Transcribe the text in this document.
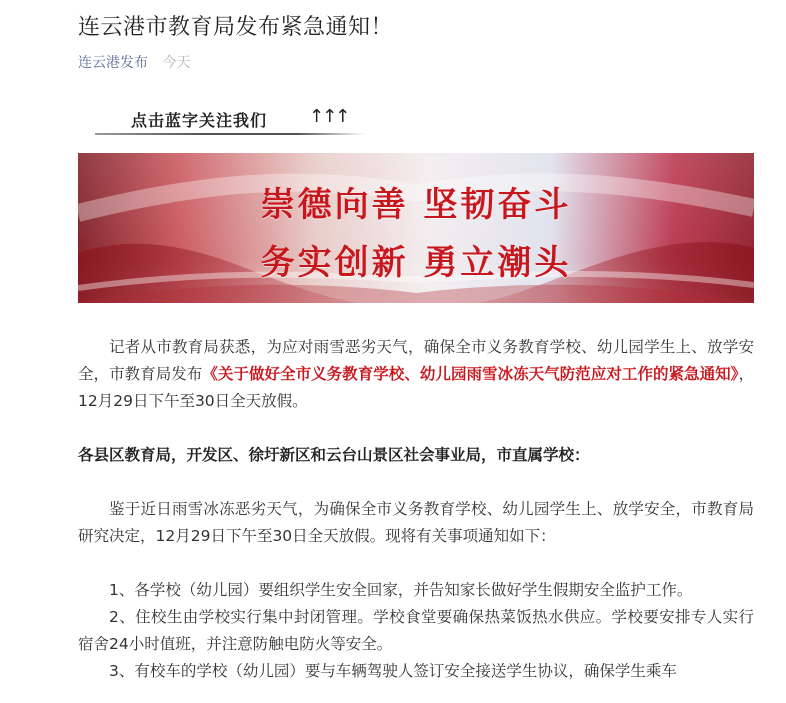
连云港市教育局发布紧急通知！
连云港发布 今天
点击蓝字关注我们 ↑↑↑
崇德向善 坚韧奋斗
务实创新 勇立潮头

记者从市教育局获悉，为应对雨雪恶劣天气，确保全市义务教育学校、幼儿园学生上、放学安全，市教育局发布《关于做好全市义务教育学校、幼儿园雨雪冰冻天气防范应对工作的紧急通知》，12月29日下午至30日全天放假。

各县区教育局，开发区、徐圩新区和云台山景区社会事业局，市直属学校：

鉴于近日雨雪冰冻恶劣天气，为确保全市义务教育学校、幼儿园学生上、放学安全，市教育局研究决定，12月29日下午至30日全天放假。现将有关事项通知如下：

1、各学校（幼儿园）要组织学生安全回家，并告知家长做好学生假期安全监护工作。

2、住校生由学校实行集中封闭管理。学校食堂要确保热菜饭热水供应。学校要安排专人实行宿舍24小时值班，并注意防触电防火等安全。

3、有校车的学校（幼儿园）要与车辆驾驶人签订安全接送学生协议，确保学生乘车
